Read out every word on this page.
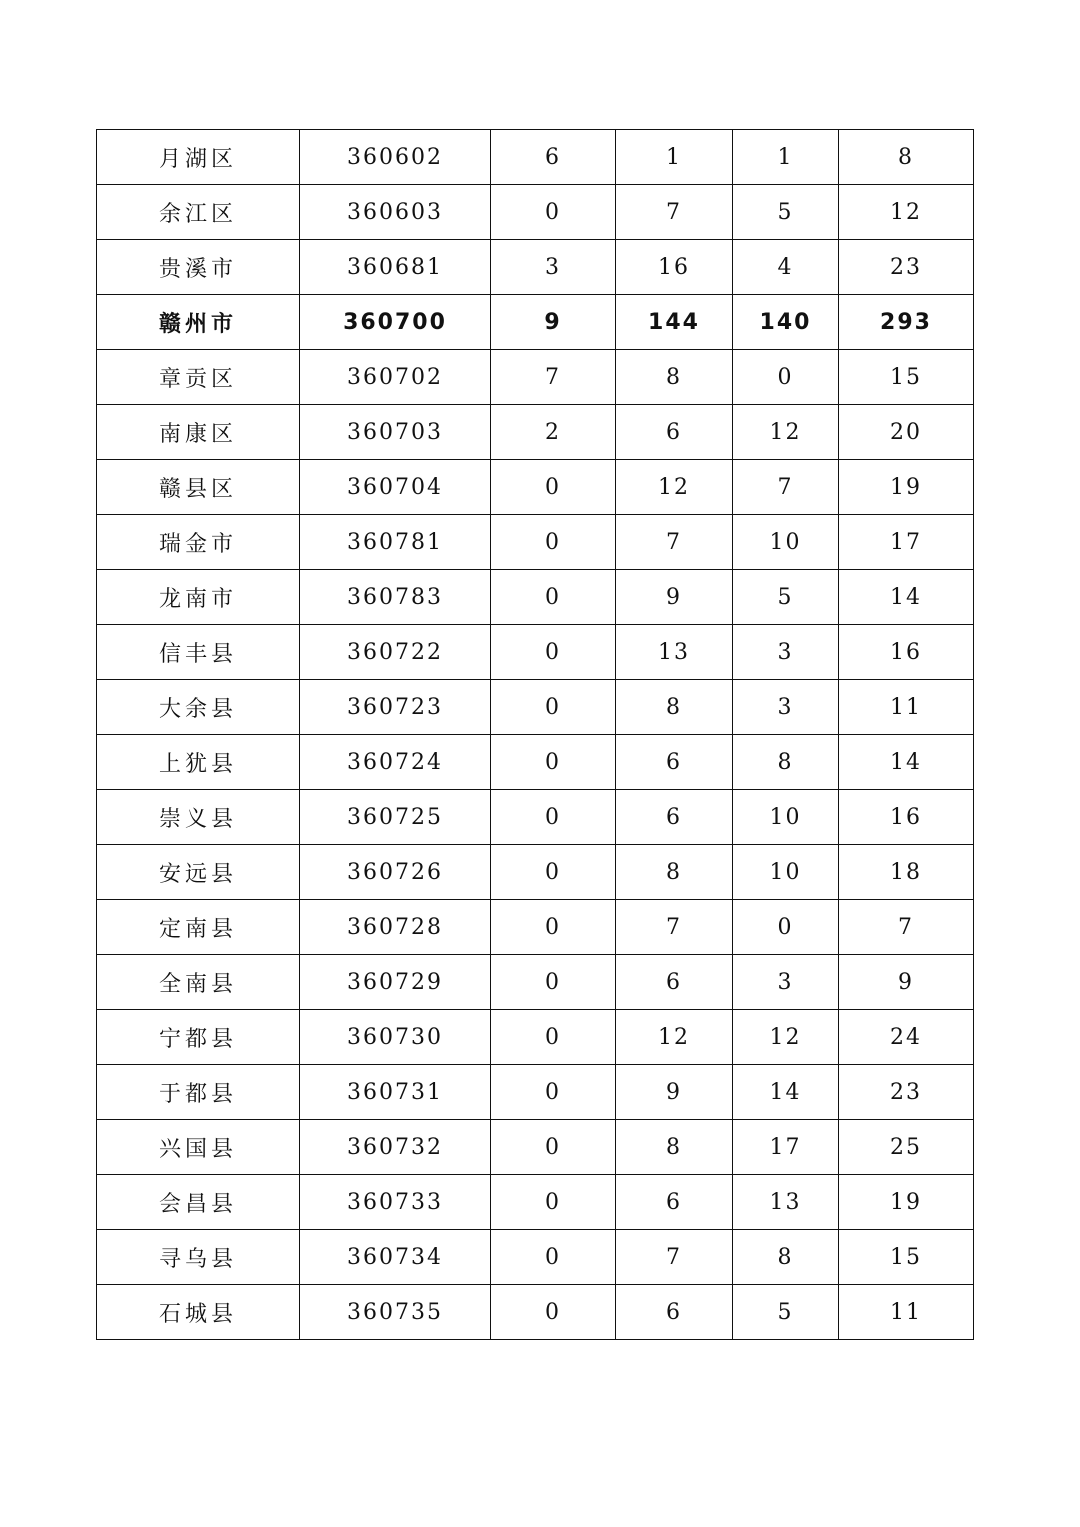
月湖区	360602	6	1	1	8
余江区	360603	0	7	5	12
贵溪市	360681	3	16	4	23
赣州市	360700	9	144	140	293
章贡区	360702	7	8	0	15
南康区	360703	2	6	12	20
赣县区	360704	0	12	7	19
瑞金市	360781	0	7	10	17
龙南市	360783	0	9	5	14
信丰县	360722	0	13	3	16
大余县	360723	0	8	3	11
上犹县	360724	0	6	8	14
崇义县	360725	0	6	10	16
安远县	360726	0	8	10	18
定南县	360728	0	7	0	7
全南县	360729	0	6	3	9
宁都县	360730	0	12	12	24
于都县	360731	0	9	14	23
兴国县	360732	0	8	17	25
会昌县	360733	0	6	13	19
寻乌县	360734	0	7	8	15
石城县	360735	0	6	5	11
